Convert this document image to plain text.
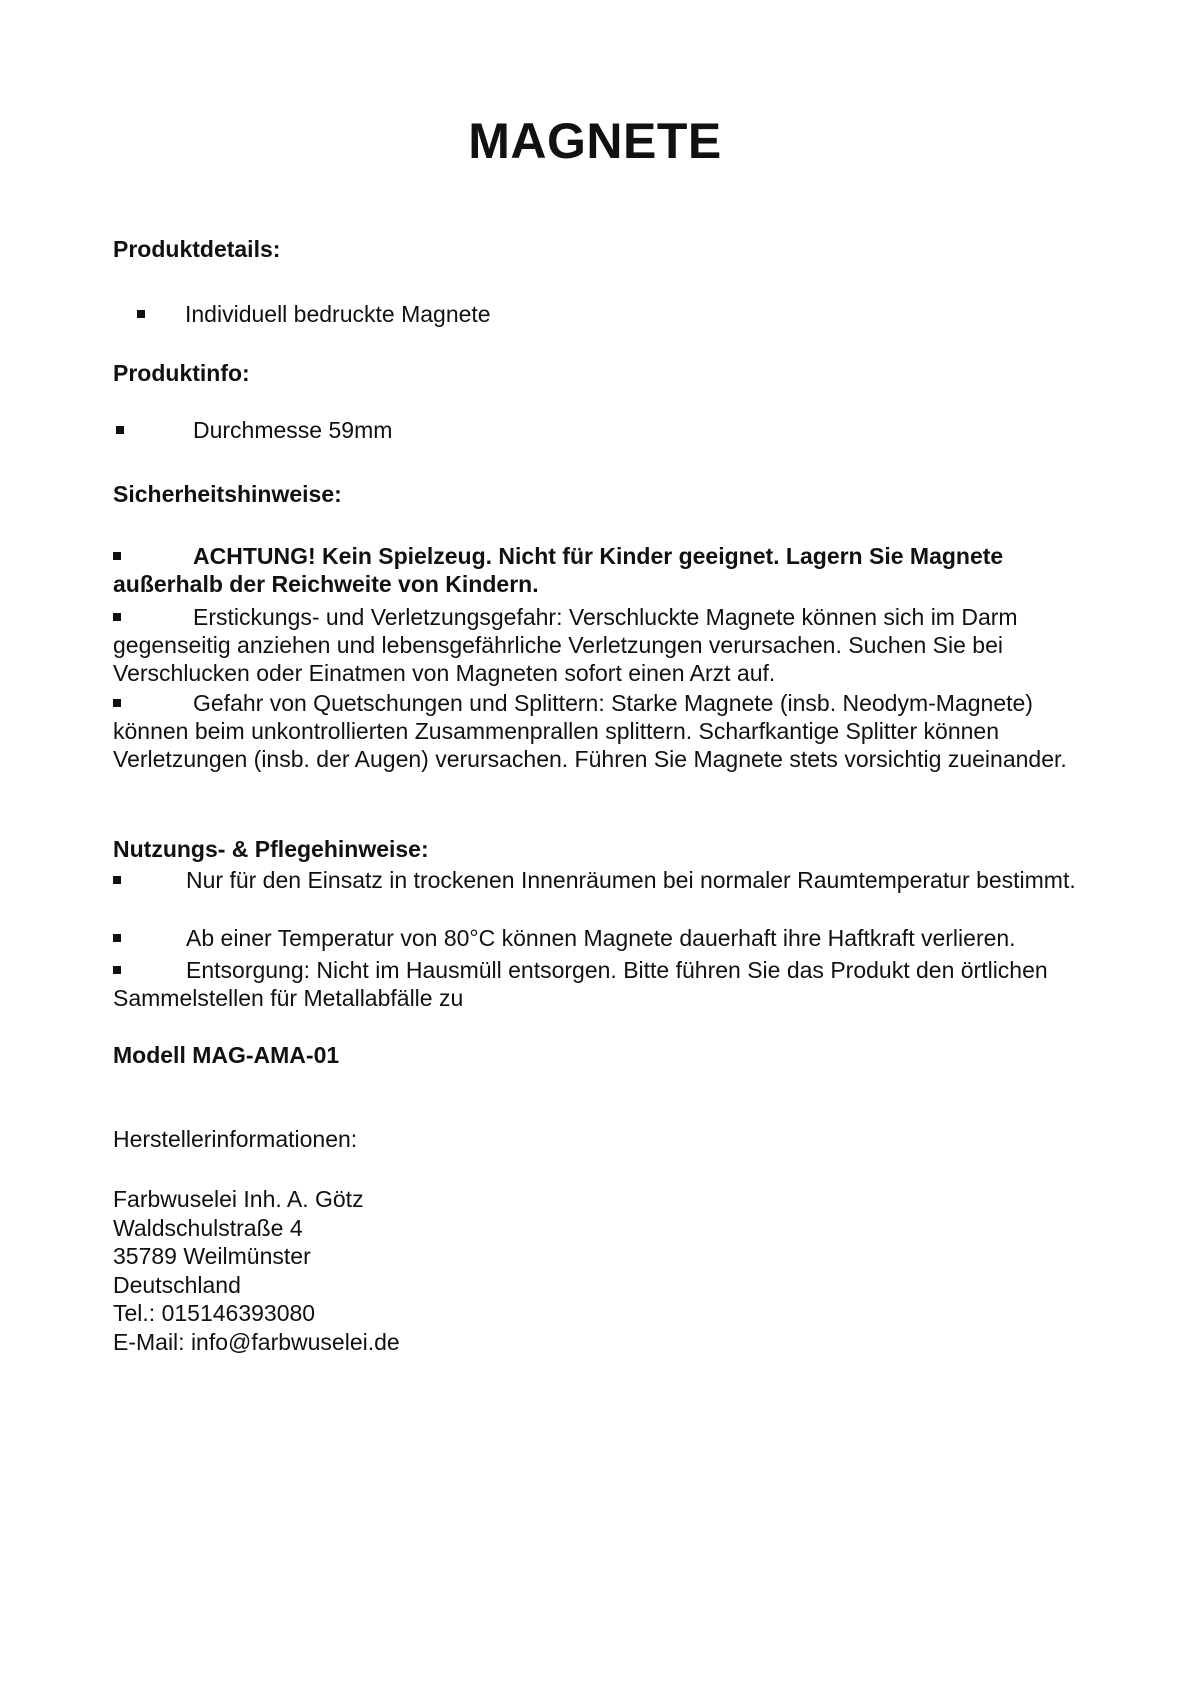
MAGNETE

Produktdetails:

Individuell bedruckte Magnete

Produktinfo:

Durchmesse 59mm

Sicherheitshinweise:

ACHTUNG! Kein Spielzeug. Nicht für Kinder geeignet. Lagern Sie Magnete außerhalb der Reichweite von Kindern.

Erstickungs- und Verletzungsgefahr: Verschluckte Magnete können sich im Darm gegenseitig anziehen und lebensgefährliche Verletzungen verursachen. Suchen Sie bei Verschlucken oder Einatmen von Magneten sofort einen Arzt auf.

Gefahr von Quetschungen und Splittern: Starke Magnete (insb. Neodym-Magnete) können beim unkontrollierten Zusammenprallen splittern. Scharfkantige Splitter können Verletzungen (insb. der Augen) verursachen. Führen Sie Magnete stets vorsichtig zueinander.

Nutzungs- & Pflegehinweise:

Nur für den Einsatz in trockenen Innenräumen bei normaler Raumtemperatur bestimmt.

Ab einer Temperatur von 80°C können Magnete dauerhaft ihre Haftkraft verlieren.

Entsorgung: Nicht im Hausmüll entsorgen. Bitte führen Sie das Produkt den örtlichen Sammelstellen für Metallabfälle zu

Modell MAG-AMA-01

Herstellerinformationen:

Farbwuselei Inh. A. Götz
Waldschulstraße 4
35789 Weilmünster
Deutschland
Tel.: 015146393080
E-Mail: info@farbwuselei.de
